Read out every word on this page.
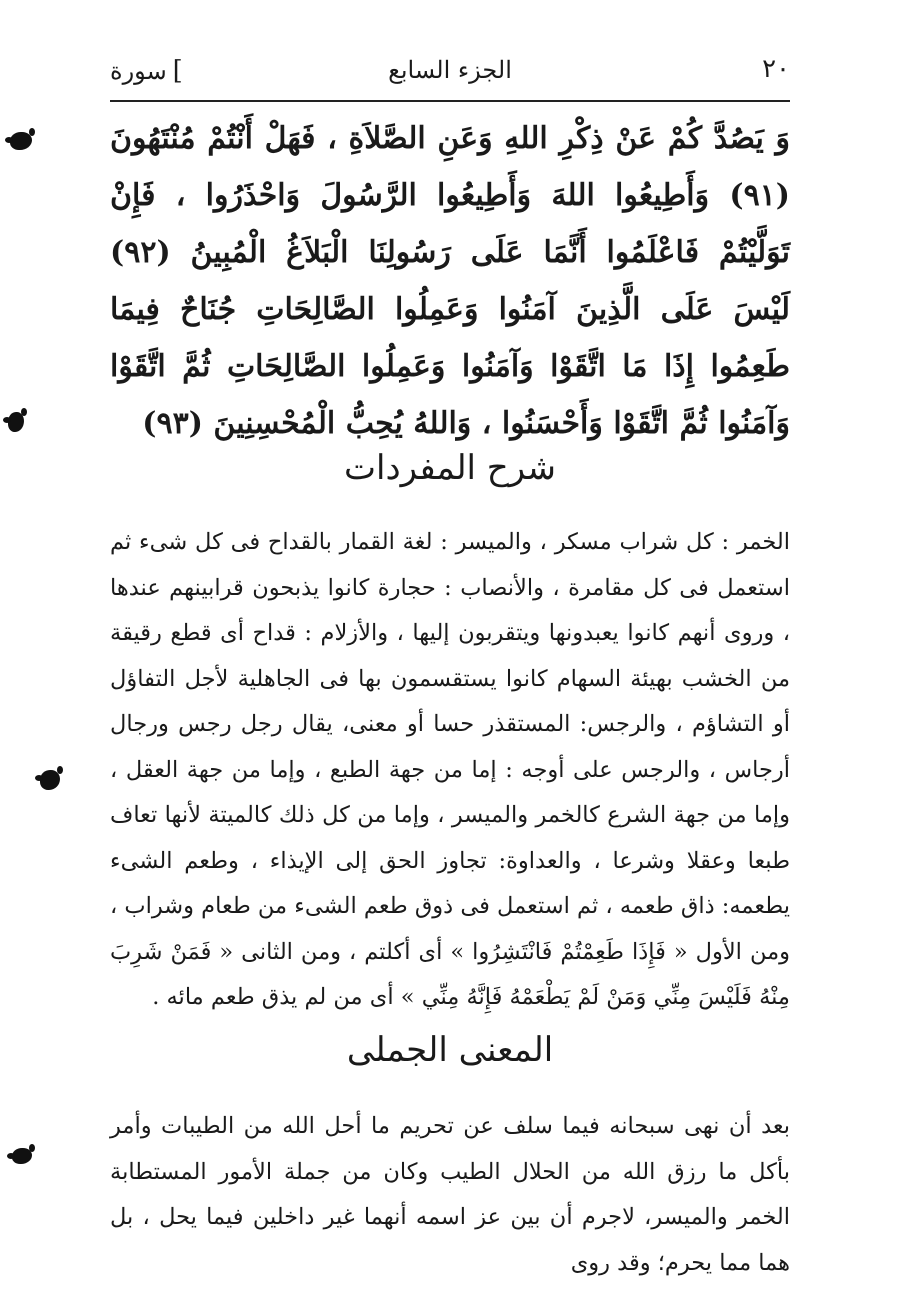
٢٠
الجزء السابع
]سورة
وَ يَصُدَّ كُمْ عَنْ ذِكْرِ اللهِ وَعَنِ الصَّلاَةِ ، فَهَلْ أَنْتُمْ مُنْتَهُونَ (٩١) وَأَطِيعُوا اللهَ وَأَطِيعُوا الرَّسُولَ وَاحْذَرُوا ، فَإِنْ تَوَلَّيْتُمْ فَاعْلَمُوا أَنَّمَا عَلَى رَسُولِنَا الْبَلاَغُ الْمُبِينُ (٩٢) لَيْسَ عَلَى الَّذِينَ آمَنُوا وَعَمِلُوا الصَّالِحَاتِ جُنَاحٌ فِيمَا طَعِمُوا إِذَا مَا اتَّقَوْا وَآمَنُوا وَعَمِلُوا الصَّالِحَاتِ ثُمَّ اتَّقَوْا وَآمَنُوا ثُمَّ اتَّقَوْا وَأَحْسَنُوا ، وَاللهُ يُحِبُّ الْمُحْسِنِينَ (٩٣)
شرح المفردات
الخمر : كل شراب مسكر ، والميسر : لغة القمار بالقداح فى كل شىء ثم استعمل فى كل مقامرة ، والأنصاب : حجارة كانوا يذبحون قرابينهم عندها ، وروى أنهم كانوا يعبدونها ويتقربون إليها ، والأزلام : قداح أى قطع رقيقة من الخشب بهيئة السهام كانوا يستقسمون بها فى الجاهلية لأجل التفاؤل أو التشاؤم ، والرجس: المستقذر حسا أو معنى، يقال رجل رجس ورجال أرجاس ، والرجس على أوجه : إما من جهة الطبع ، وإما من جهة العقل ، وإما من جهة الشرع كالخمر والميسر ، وإما من كل ذلك كالميتة لأنها تعاف طبعا وعقلا وشرعا ، والعداوة: تجاوز الحق إلى الإيذاء ، وطعم الشىء يطعمه: ذاق طعمه ، ثم استعمل فى ذوق طعم الشىء من طعام وشراب ، ومن الأول « فَإِذَا طَعِمْتُمْ فَانْتَشِرُوا » أى أكلتم ، ومن الثانى « فَمَنْ شَرِبَ مِنْهُ فَلَيْسَ مِنِّي وَمَنْ لَمْ يَطْعَمْهُ فَإِنَّهُ مِنِّي » أى من لم يذق طعم مائه .
المعنى الجملى
بعد أن نهى سبحانه فيما سلف عن تحريم ما أحل الله من الطيبات وأمر بأكل ما رزق الله من الحلال الطيب وكان من جملة الأمور المستطابة الخمر والميسر، لاجرم أن بين عز اسمه أنهما غير داخلين فيما يحل ، بل هما مما يحرم؛ وقد روى
